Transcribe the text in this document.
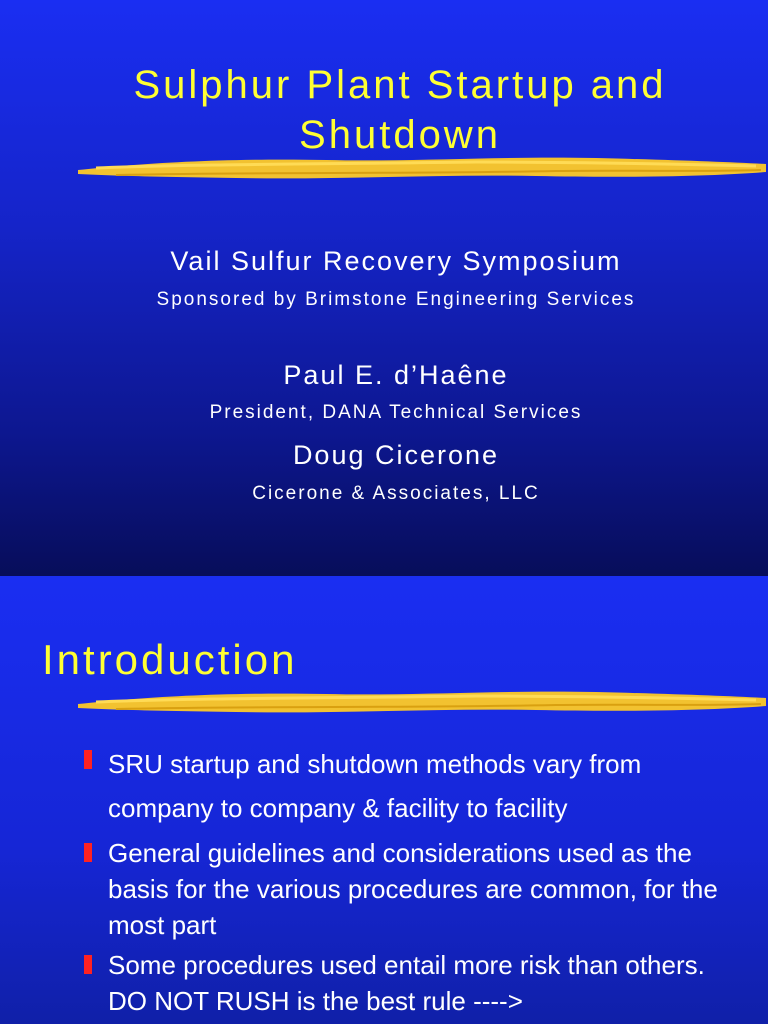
Sulphur Plant Startup and
Shutdown
Vail Sulfur Recovery Symposium
Sponsored by Brimstone Engineering Services
Paul E. d’Haêne
President, DANA Technical Services
Doug Cicerone
Cicerone & Associates, LLC
Introduction
SRU startup and shutdown methods vary from company to company & facility to facility
General guidelines and considerations used as the basis for the various procedures are common, for the most part
Some procedures used entail more risk than others. DO NOT RUSH is the best rule ---->
